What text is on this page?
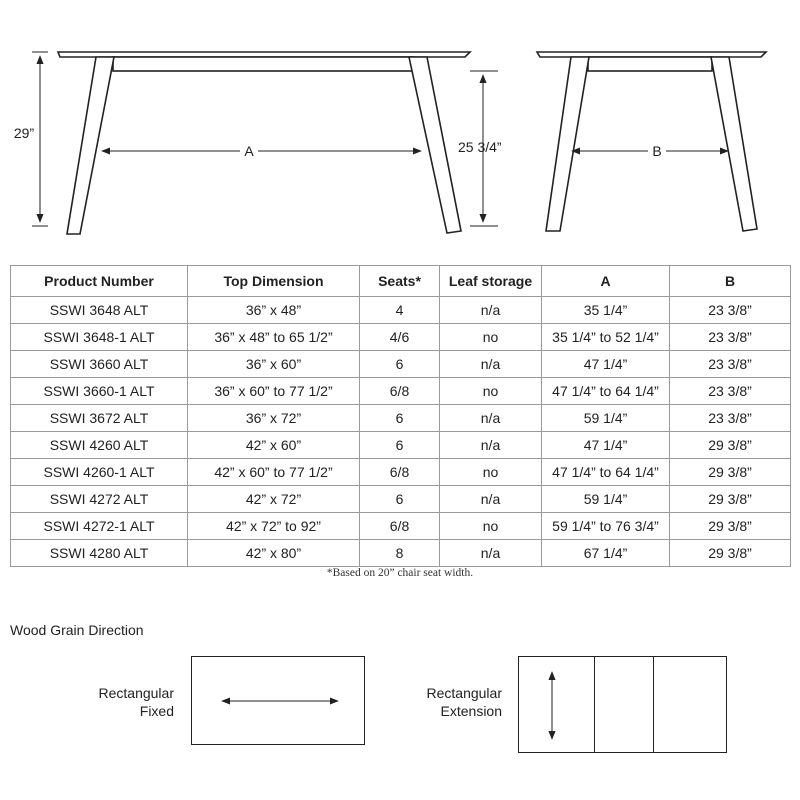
29”
A	25 3/4”	B
Product Number	Top Dimension	Seats*	Leaf storage	A	B
SSWI 3648 ALT	36” x 48”	4	n/a	35 1/4”	23 3/8”
SSWI 3648-1 ALT	36” x 48” to 65 1/2”	4/6	no	35 1/4” to 52 1/4”	23 3/8”
SSWI 3660 ALT	36” x 60”	6	n/a	47 1/4”	23 3/8”
SSWI 3660-1 ALT	36” x 60” to 77 1/2”	6/8	no	47 1/4” to 64 1/4”	23 3/8”
SSWI 3672 ALT	36” x 72”	6	n/a	59 1/4”	23 3/8”
SSWI 4260 ALT	42” x 60”	6	n/a	47 1/4”	29 3/8”
SSWI 4260-1 ALT	42” x 60” to 77 1/2”	6/8	no	47 1/4” to 64 1/4”	29 3/8”
SSWI 4272 ALT	42” x 72”	6	n/a	59 1/4”	29 3/8”
SSWI 4272-1 ALT	42” x 72” to 92”	6/8	no	59 1/4” to 76 3/4”	29 3/8”
SSWI 4280 ALT	42” x 80”	8	n/a	67 1/4”	29 3/8”
*Based on 20” chair seat width.
Wood Grain Direction
Rectangular
Fixed
Rectangular
Extension
